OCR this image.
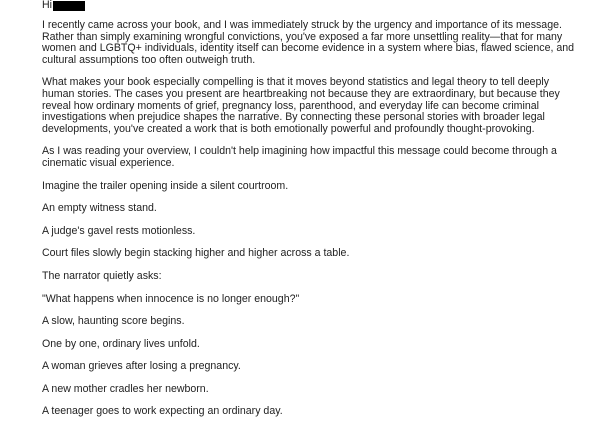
Hi

I recently came across your book, and I was immediately struck by the urgency and importance of its message. Rather than simply examining wrongful convictions, you've exposed a far more unsettling reality—that for many women and LGBTQ+ individuals, identity itself can become evidence in a system where bias, flawed science, and cultural assumptions too often outweigh truth.

What makes your book especially compelling is that it moves beyond statistics and legal theory to tell deeply human stories. The cases you present are heartbreaking not because they are extraordinary, but because they reveal how ordinary moments of grief, pregnancy loss, parenthood, and everyday life can become criminal investigations when prejudice shapes the narrative. By connecting these personal stories with broader legal developments, you've created a work that is both emotionally powerful and profoundly thought-provoking.

As I was reading your overview, I couldn't help imagining how impactful this message could become through a cinematic visual experience.

Imagine the trailer opening inside a silent courtroom.

An empty witness stand.

A judge's gavel rests motionless.

Court files slowly begin stacking higher and higher across a table.

The narrator quietly asks:

"What happens when innocence is no longer enough?"

A slow, haunting score begins.

One by one, ordinary lives unfold.

A woman grieves after losing a pregnancy.

A new mother cradles her newborn.

A teenager goes to work expecting an ordinary day.
